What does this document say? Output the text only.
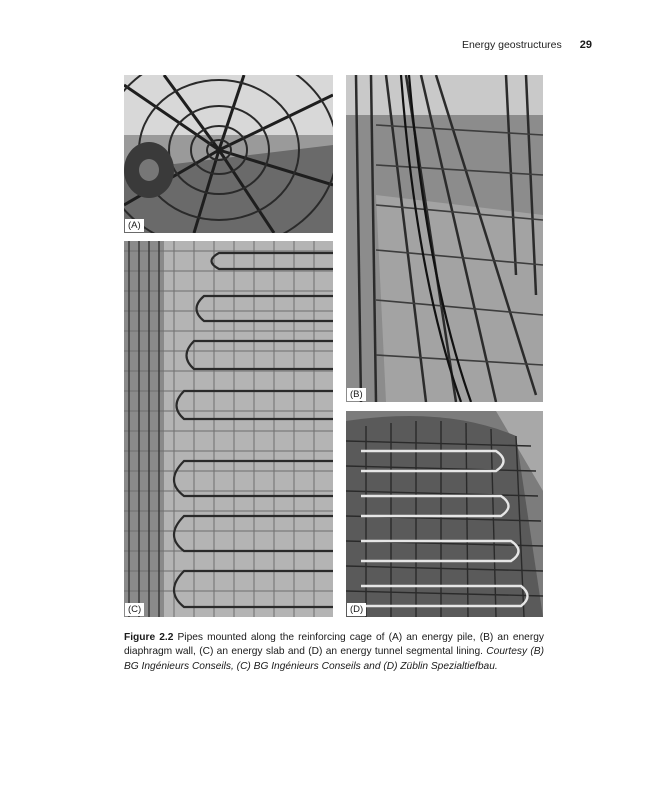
Energy geostructures 29
(A)
(B)
(C)	(D)

Figure 2.2 Pipes mounted along the reinforcing cage of (A) an energy pile, (B) an energy diaphragm wall, (C) an energy slab and (D) an energy tunnel segmental lining. Courtesy (B) BG Ingénieurs Conseils, (C) BG Ingénieurs Conseils and (D) Züblin Spezialtiefbau.
